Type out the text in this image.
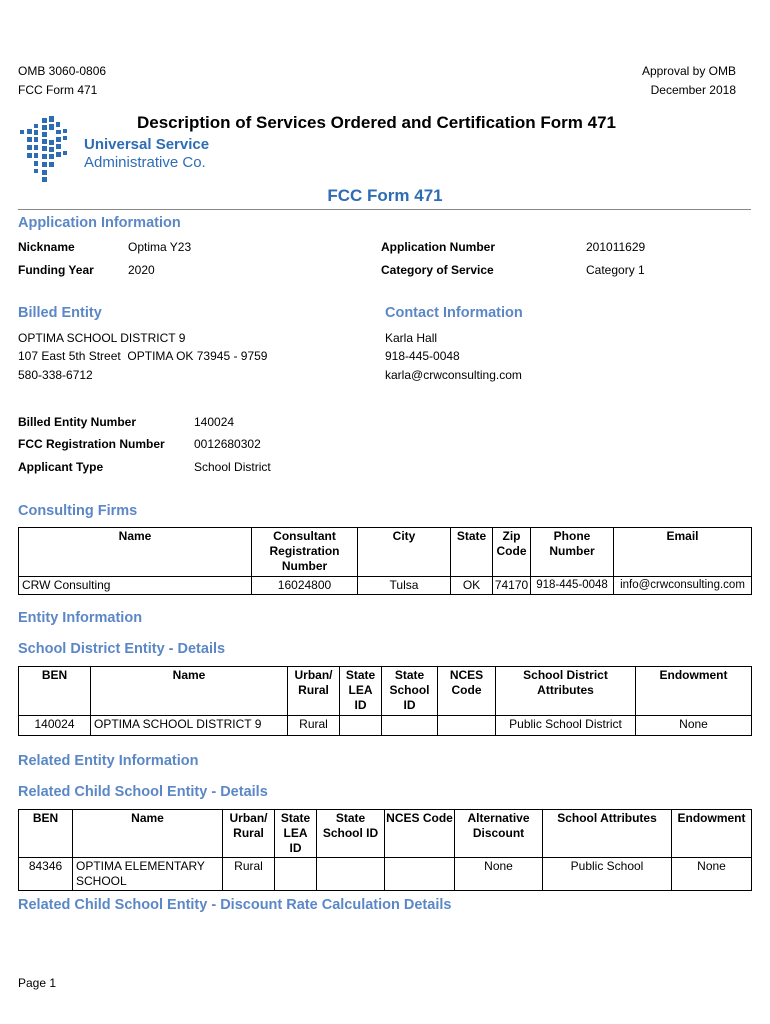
OMB 3060-0806
FCC Form 471
Approval by OMB
December 2018
Universal Service
Administrative Co.
Description of Services Ordered and Certification Form 471
FCC Form 471
Application Information
Nickname	Optima Y23
Funding Year	2020
Application Number	201011629
Category of Service	Category 1
Billed Entity
OPTIMA SCHOOL DISTRICT 9
107 East 5th Street  OPTIMA OK 73945 - 9759
580-338-6712
Contact Information
Karla Hall
918-445-0048
karla@crwconsulting.com
Billed Entity Number	140024
FCC Registration Number 0012680302
Applicant Type	School District
Consulting Firms
Name	Consultant Registration Number	City	State	Zip Code	Phone Number	Email
CRW Consulting	16024800	Tulsa	OK	74170	918-445-0048	info@crwconsulting.com
Entity Information
School District Entity - Details
BEN	Name	Urban/ Rural	State LEA ID	State School ID	NCES Code	School District Attributes	Endowment
140024	OPTIMA SCHOOL DISTRICT 9	Rural				Public School District	None
Related Entity Information
Related Child School Entity - Details
BEN	Name	Urban/ Rural	State LEA ID	State School ID	NCES Code	Alternative Discount	School Attributes	Endowment
84346	OPTIMA ELEMENTARY SCHOOL	Rural				None	Public School	None
Related Child School Entity - Discount Rate Calculation Details
Page 1
